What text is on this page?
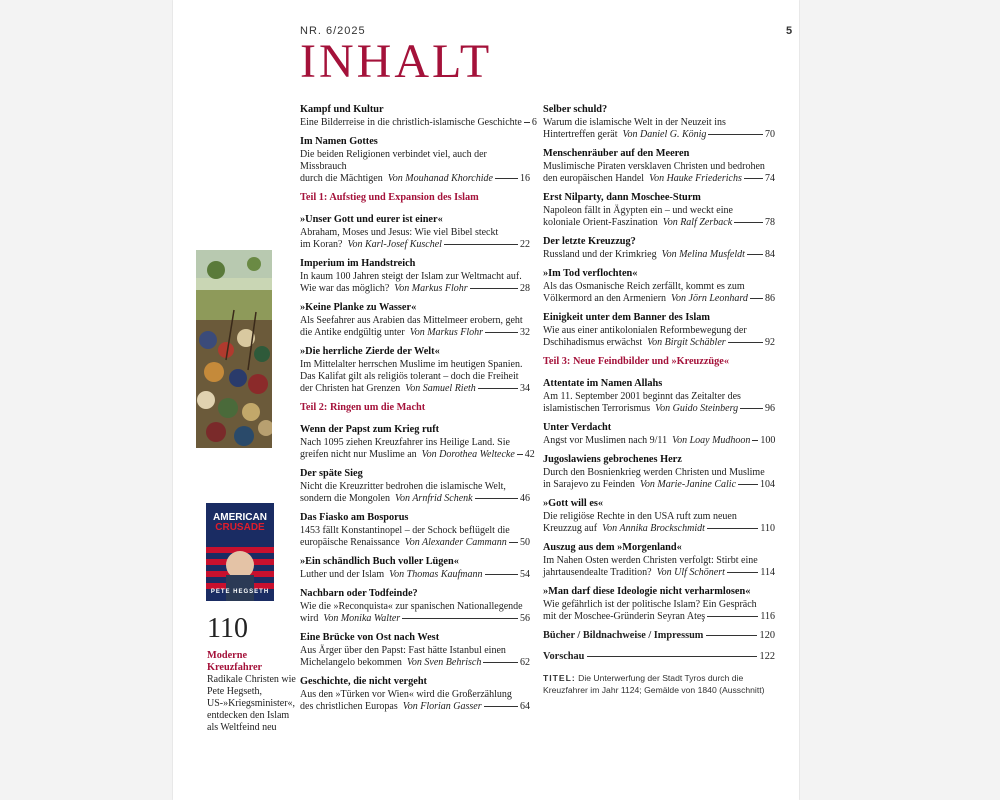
NR. 6/2025	5
INHALT
AMERICAN
CRUSADE
PETE HEGSETH
110
Moderne Kreuzfahrer
Radikale Christen wie Pete Hegseth, US-»Kriegsminister«, entdecken den Islam als Weltfeind neu
Kampf und Kultur
Eine Bilderreise in die christlich-islamische Geschichte 6
Im Namen Gottes
Die beiden Religionen verbindet viel, auch der Missbrauch
durch die Mächtigen Von Mouhanad Khorchide	16
Teil 1: Aufstieg und Expansion des Islam
»Unser Gott und eurer ist einer«
Abraham, Moses und Jesus: Wie viel Bibel steckt
im Koran? Von Karl-Josef Kuschel	22
Imperium im Handstreich
In kaum 100 Jahren steigt der Islam zur Weltmacht auf.
Wie war das möglich? Von Markus Flohr	28
»Keine Planke zu Wasser«
Als Seefahrer aus Arabien das Mittelmeer erobern, geht
die Antike endgültig unter Von Markus Flohr	32
»Die herrliche Zierde der Welt«
Im Mittelalter herrschen Muslime im heutigen Spanien. Das Kalifat gilt als religiös tolerant – doch die Freiheit
der Christen hat Grenzen Von Samuel Rieth	34
Teil 2: Ringen um die Macht
Wenn der Papst zum Krieg ruft
Nach 1095 ziehen Kreuzfahrer ins Heilige Land. Sie
greifen nicht nur Muslime an Von Dorothea Weltecke 42
Der späte Sieg
Nicht die Kreuzritter bedrohen die islamische Welt,
sondern die Mongolen Von Arnfrid Schenk	46
Das Fiasko am Bosporus
1453 fällt Konstantinopel – der Schock beflügelt die
europäische Renaissance Von Alexander Cammann 50
»Ein schändlich Buch voller Lügen«
Luther und der Islam Von Thomas Kaufmann	54
Nachbarn oder Todfeinde?
Wie die »Reconquista« zur spanischen Nationallegende
wird Von Monika Walter	56
Eine Brücke von Ost nach West
Aus Ärger über den Papst: Fast hätte Istanbul einen
Michelangelo bekommen Von Sven Behrisch	62
Geschichte, die nicht vergeht
Aus den »Türken vor Wien« wird die Großerzählung
des christlichen Europas Von Florian Gasser	64
Selber schuld?
Warum die islamische Welt in der Neuzeit ins
Hintertreffen gerät Von Daniel G. König	70
Menschenräuber auf den Meeren
Muslimische Piraten versklaven Christen und bedrohen
den europäischen Handel Von Hauke Friederichs 74
Erst Nilparty, dann Moschee-Sturm
Napoleon fällt in Ägypten ein – und weckt eine
koloniale Orient-Faszination Von Ralf Zerback	78
Der letzte Kreuzzug?
Russland und der Krimkrieg Von Melina Musfeldt 84
»Im Tod verflochten«
Als das Osmanische Reich zerfällt, kommt es zum
Völkermord an den Armeniern Von Jörn Leonhard 86
Einigkeit unter dem Banner des Islam
Wie aus einer antikolonialen Reformbewegung der
Dschihadismus erwächst Von Birgit Schäbler	92
Teil 3: Neue Feindbilder und »Kreuzzüge«
Attentate im Namen Allahs
Am 11. September 2001 beginnt das Zeitalter des
islamistischen Terrorismus Von Guido Steinberg	96
Unter Verdacht
Angst vor Muslimen nach 9/11 Von Loay Mudhoon 100
Jugoslawiens gebrochenes Herz
Durch den Bosnienkrieg werden Christen und Muslime
in Sarajevo zu Feinden Von Marie-Janine Calic 104
»Gott will es«
Die religiöse Rechte in den USA ruft zum neuen
Kreuzzug auf Von Annika Brockschmidt	110
Auszug aus dem »Morgenland«
Im Nahen Osten werden Christen verfolgt: Stirbt eine
jahrtausendealte Tradition? Von Ulf Schönert	114
»Man darf diese Ideologie nicht verharmlosen«
Wie gefährlich ist der politische Islam? Ein Gespräch
mit der Moschee-Gründerin Seyran Ateş	116
Bücher / Bildnachweise / Impressum	120
Vorschau	122
TITEL: Die Unterwerfung der Stadt Tyros durch die Kreuzfahrer im Jahr 1124; Gemälde von 1840 (Ausschnitt)
